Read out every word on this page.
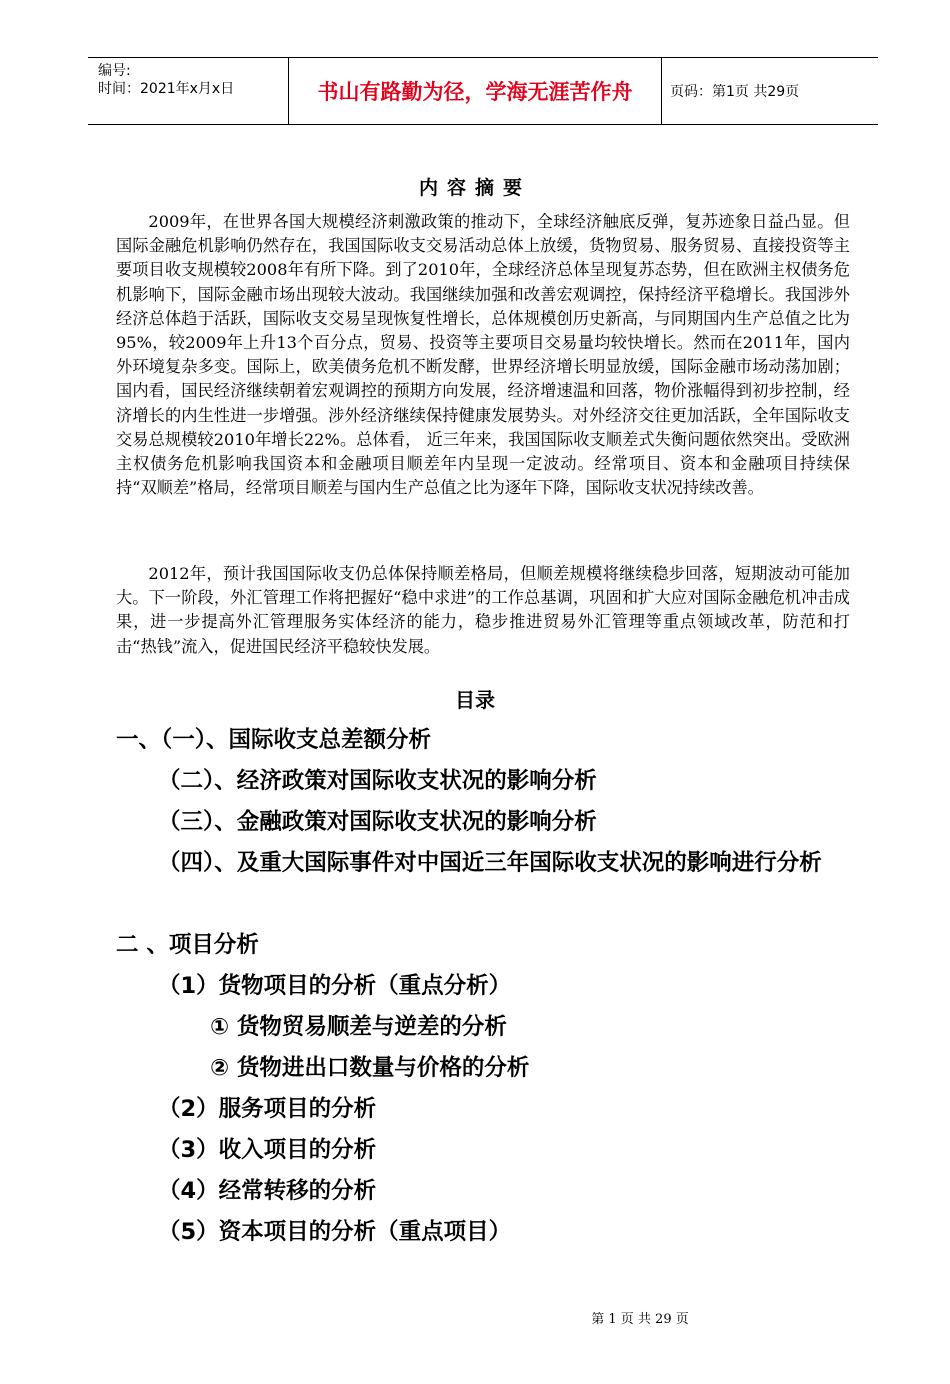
编号:
时间：2021年x月x日	书山有路勤为径，学海无涯苦作舟	页码：第1页 共29页
内容摘要

2009年，在世界各国大规模经济刺激政策的推动下，全球经济触底反弹，复苏迹象日益凸显。但国际金融危机影响仍然存在，我国国际收支交易活动总体上放缓，货物贸易、服务贸易、直接投资等主要项目收支规模较2008年有所下降。到了2010年，全球经济总体呈现复苏态势，但在欧洲主权债务危机影响下，国际金融市场出现较大波动。我国继续加强和改善宏观调控，保持经济平稳增长。我国涉外经济总体趋于活跃，国际收支交易呈现恢复性增长，总体规模创历史新高，与同期国内生产总值之比为95%，较2009年上升13个百分点，贸易、投资等主要项目交易量均较快增长。然而在2011年，国内外环境复杂多变。国际上，欧美债务危机不断发酵，世界经济增长明显放缓，国际金融市场动荡加剧；国内看，国民经济继续朝着宏观调控的预期方向发展，经济增速温和回落，物价涨幅得到初步控制，经济增长的内生性进一步增强。涉外经济继续保持健康发展势头。对外经济交往更加活跃，全年国际收支交易总规模较2010年增长22%。总体看， 近三年来，我国国际收支顺差式失衡问题依然突出。受欧洲主权债务危机影响我国资本和金融项目顺差年内呈现一定波动。经常项目、资本和金融项目持续保持“双顺差”格局，经常项目顺差与国内生产总值之比为逐年下降，国际收支状况持续改善。

2012年，预计我国国际收支仍总体保持顺差格局，但顺差规模将继续稳步回落，短期波动可能加大。下一阶段，外汇管理工作将把握好“稳中求进”的工作总基调，巩固和扩大应对国际金融危机冲击成果，进一步提高外汇管理服务实体经济的能力，稳步推进贸易外汇管理等重点领域改革，防范和打击“热钱”流入，促进国民经济平稳较快发展。

目录
一、（一）、国际收支总差额分析
（二）、经济政策对国际收支状况的影响分析
（三）、金融政策对国际收支状况的影响分析
（四）、及重大国际事件对中国近三年国际收支状况的影响进行分析
二 、项目分析
（1）货物项目的分析（重点分析）
① 货物贸易顺差与逆差的分析
② 货物进出口数量与价格的分析
（2）服务项目的分析
（3）收入项目的分析
（4）经常转移的分析
（5）资本项目的分析（重点项目）
第 1 页 共 29 页
